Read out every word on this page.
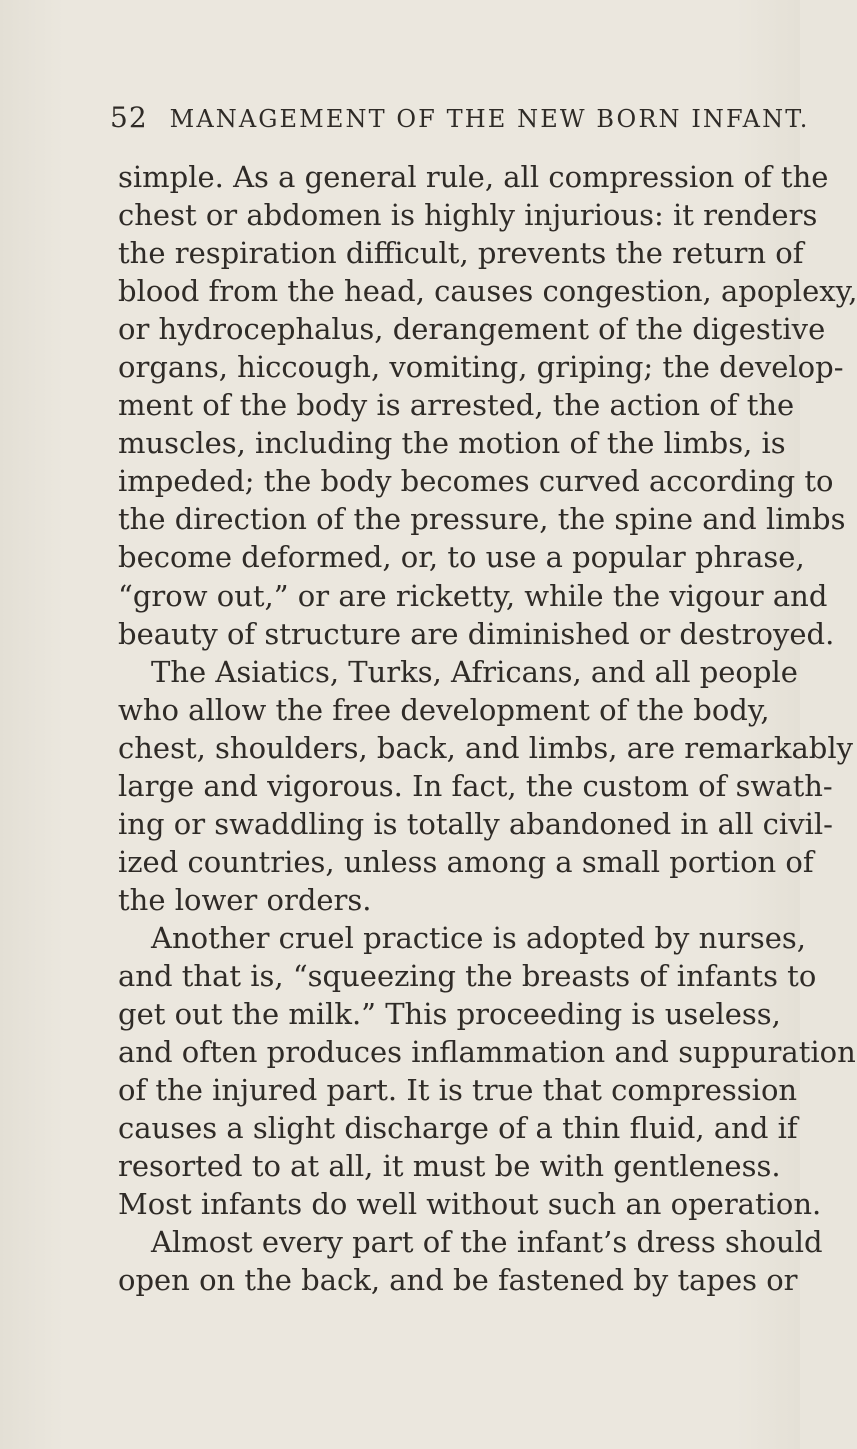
52 MANAGEMENT OF THE NEW BORN INFANT.
simple. As a general rule, all compression of the
chest or abdomen is highly injurious: it renders
the respiration difficult, prevents the return of
blood from the head, causes congestion, apoplexy,
or hydrocephalus, derangement of the digestive
organs, hiccough, vomiting, griping; the develop-
ment of the body is arrested, the action of the
muscles, including the motion of the limbs, is
impeded; the body becomes curved according to
the direction of the pressure, the spine and limbs
become deformed, or, to use a popular phrase,
“grow out,” or are ricketty, while the vigour and
beauty of structure are diminished or destroyed.
The Asiatics, Turks, Africans, and all people
who allow the free development of the body,
chest, shoulders, back, and limbs, are remarkably
large and vigorous. In fact, the custom of swath-
ing or swaddling is totally abandoned in all civil-
ized countries, unless among a small portion of
the lower orders.
Another cruel practice is adopted by nurses,
and that is, “squeezing the breasts of infants to
get out the milk.” This proceeding is useless,
and often produces inflammation and suppuration
of the injured part. It is true that compression
causes a slight discharge of a thin fluid, and if
resorted to at all, it must be with gentleness.
Most infants do well without such an operation.
Almost every part of the infant’s dress should
open on the back, and be fastened by tapes or
